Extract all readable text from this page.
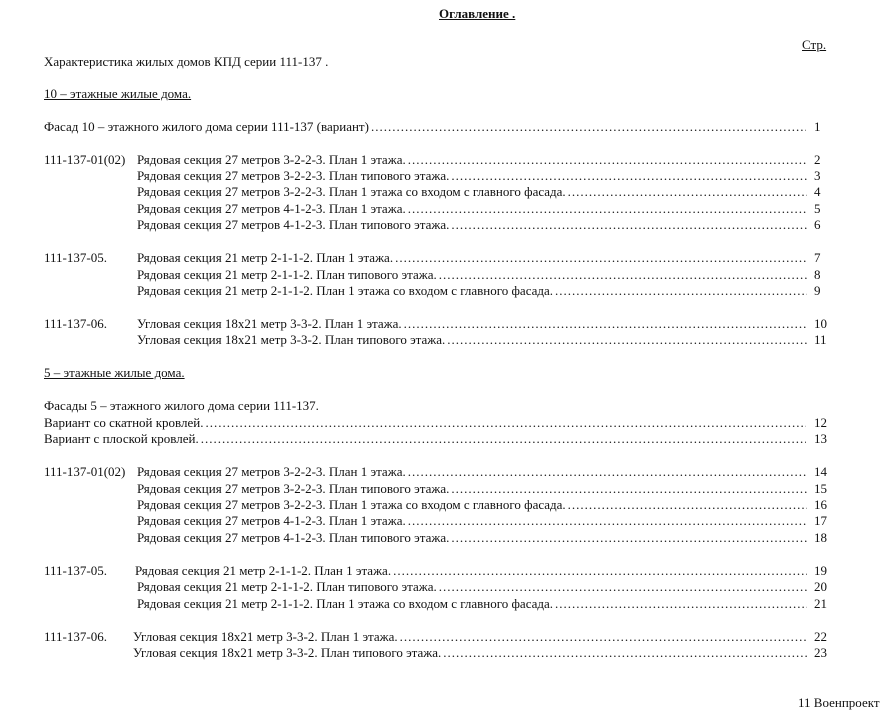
Оглавление .
Стр.
Характеристика жилых домов КПД серии 111-137 .
10 – этажные жилые дома.
Фасад 10 – этажного жилого дома серии 111-137 (вариант) .....	1
111-137-01(02) Рядовая секция 27 метров 3-2-2-3. План 1 этажа. .....	2
Рядовая секция 27 метров 3-2-2-3. План типового этажа. .....	3
Рядовая секция 27 метров 3-2-2-3. План 1 этажа со входом с главного фасада. .....	4
Рядовая секция 27 метров 4-1-2-3. План 1 этажа. .....	5
Рядовая секция 27 метров 4-1-2-3. План типового этажа. .....	6
111-137-05. Рядовая секция 21 метр 2-1-1-2. План 1 этажа. .....	7
Рядовая секция 21 метр 2-1-1-2. План типового этажа. .....	8
Рядовая секция 21 метр 2-1-1-2. План 1 этажа со входом с главного фасада. .....	9
111-137-06. Угловая секция 18х21 метр 3-3-2. План 1 этажа. .....	10
Угловая секция 18х21 метр 3-3-2. План типового этажа. .....	11
5 – этажные жилые дома.
Фасады 5 – этажного жилого дома серии 111-137.
Вариант со скатной кровлей. .....	12
Вариант с плоской кровлей. .....	13
111-137-01(02) Рядовая секция 27 метров 3-2-2-3. План 1 этажа. .....	14
Рядовая секция 27 метров 3-2-2-3. План типового этажа. .....	15
Рядовая секция 27 метров 3-2-2-3. План 1 этажа со входом с главного фасада. .....	16
Рядовая секция 27 метров 4-1-2-3. План 1 этажа. .....	17
Рядовая секция 27 метров 4-1-2-3. План типового этажа. .....	18
111-137-05. Рядовая секция 21 метр 2-1-1-2. План 1 этажа. .....	19
Рядовая секция 21 метр 2-1-1-2. План типового этажа. .....	20
Рядовая секция 21 метр 2-1-1-2. План 1 этажа со входом с главного фасада. .....	21
111-137-06. Угловая секция 18х21 метр 3-3-2. План 1 этажа. .....	22
Угловая секция 18х21 метр 3-3-2. План типового этажа. .....	23
11 Военпроект
